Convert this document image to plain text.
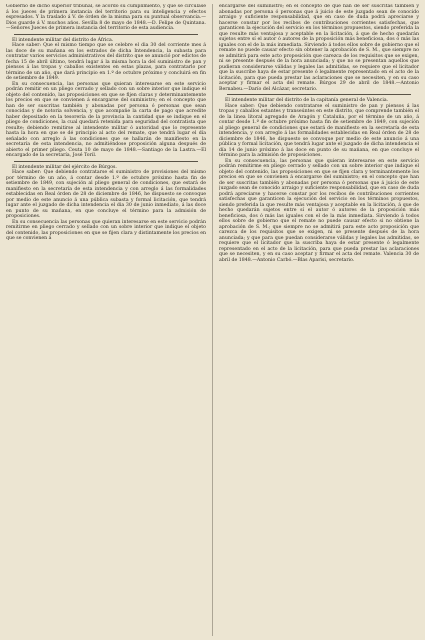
Gobierno de dicho superior tribunal, se acordó su cumplimiento, y que se circulase á los jueces de primera instancia del territorio para su inteligencia y efectos espresados. Y la traslado á V. de órden de la misma para su puntual observancia.—Dios guarde á V. muchos años. Sevilla 8 de mayo de 1848.—D. Felipe de Quintana.—Señores Jueces de primera instancia del territorio de esta audiencia.

El intendente militar del distrito de África.

Hace saber: Que el mismo tiempo que se celebre el dia 30 del corriente mes á las doce de su mañana en los estrados de dicha Intendencia, la subasta para contratar varios servicios administrativos del distrito que se anunció por edictos de fecha 15 de abril último, tendrá lugar á la misma hora la del suministro de pan y piensos á las tropas y caballos existentes en estas plazas, para contratarlo por término de un año, que dará principio en 1.º de octubre próximo y concluirá en fin de setiembre de 1849.

En su consecuencia, las personas que quieran interesarse en este servicio podrán remitir en un pliego cerrado y sellado con un sobre interior que indique el objeto del contenido, las proposiciones en que se fijen claras y determinantemente los precios en que se convienen á encargarse del suministro; en el concepto que han de ser suscritas también y abonadas por persona ó personas que sean conocidas y de notoria solvencia, y que acompañe la carta de pago que acredite haber depositado en la tesorería de la provincia la cantidad que se indique en el pliego de condiciones, la cual quedará retenida para seguridad del contratista que resulte; debiendo remitirse al intendente militar ó autoridad que lo represente hasta la hora en que se dé principio al acto del remate, que tendrá lugar el día señalado con arreglo á las condiciones que se hallarán de manifiesto en la secretaría de esta intendencia, no admitiéndose proposición alguna después de abierto el primer pliego. Ceuta 10 de mayo de 1848.—Santiago de la Lastra.—El encargado de la secretaría, José Toril.

El intendente militar del ejército de Búrgos.

Hace saber: Que debiendo contratarse el suministro de provisiones del mismo por término de un año, á contar desde 1.º de octubre próximo hasta fin de setiembre de 1849, con sujeción al pliego general de condiciones, que estará de manifiesto en la secretaría de esta intendencia y con arreglo á las formalidades establecidas en Real órden de 28 de diciembre de 1846, he dispuesto se convoque por medio de este anuncio á una pública subasta y formal licitación, que tendrá lugar ante el juzgado de dicha intendencia el dia 30 de junio inmediato, á las doce en punto de su mañana, en que concluye el término para la admisión de proposiciones.

En su consecuencia las personas que quieran interesarse en este servicio podrán remitirme en pliego cerrado y sellado con un sobre interior que indique el objeto del contenido, las proposiciones en que se fijen clara y distintamente los precios en que se convienen á

encargarse del suministro; en el concepto de que han de ser suscritas también y abonadas por persona ó personas que á juicio de este juzgado sean de conocido arraigo y suficiente responsabilidad, que en caso de duda podrá apreciarse y hacerse constar por los recibos de contribuciones corrientes satisfechas, que garanticen la ejecución del servicio en los términos propuestos, siendo preferida la que resulte más ventajosa y aceptable en la licitación, á que de hecho quedarán sujetos entre sí el autor ó autores de la proposición más beneficiosa, dos ó más las iguales con el de la más inmediata. Sirviendo á todos ellos sobre de gobierno que el remate no puede causar efecto sin obtener la aprobación de S. M., que siempre no se admitirá para este acto proposición que carezca de los requisitos que se exigen, ni se presente después de la hora anunciada; y que no se presentan aquellos que pudieran considerarse válidas y legales las admitidas, se requiere que el licitador que la suscribe haya de estar presente ó legalmente representado en el acto de la licitación, para que pueda prestar las aclaraciones que se necesiten, y en su caso aceptar y firmar el acta del remate. Búrgos 29 de abril de 1848.—Antonio Bernabeu.—Darío del Alcázar, secretario.

El intendente militar del distrito de la capitanía general de Valencia.

Hace saber: Que debiendo contratarse el suministro de pan y piensos á las tropas y caballos estantes y transeúntes en este distrito, que comprende también el de la linea litoral agregado de Aragón y Cataluña, por el término de un año, á contar desde 1.º de octubre próximo hasta fin de setiembre de 1849, con sujeción al pliego general de condiciones que estará de manifiesto en la secretaría de esta intendencia, y con arreglo á las formalidades establecidas en Real órden de 28 de diciembre de 1846, he dispuesto se convoque por medio de este anuncio á una pública y formal licitación, que tendrá lugar ante el juzgado de dicha intendencia el día 14 de junio próximo á las doce en punto de su mañana, en que concluye el término para la admisión de proposiciones.

En su consecuencia, las personas que quieran interesarse en este servicio podrán remitirme en pliego cerrado y sellado con un sobre interior que indique el objeto del contenido, las proposiciones en que se fijen clara y terminantemente los precios en que se convienen á encargarse del suministro; en el concepto que han de ser suscritas también y abonadas por persona ó personas que á juicio de este juzgado sean de conocido arraigo y suficiente responsabilidad, que en caso de duda podrá apreciarse y hacerse constar por los recibos de contribuciones corrientes satisfechas que garanticen la ejecución del servicio en los términos propuestos, siendo preferida la que resulte más ventajosa y aceptable en la licitación, á que de hecho quedarán sujetos entre sí el autor ó autores de la proposición más beneficiosa, dos ó más las iguales con el de la más inmediata. Sirviendo á todos ellos sobre de gobierno que el remate no puede causar efecto si no obtiene la aprobación de S. M.; que siempre no se admitirá para este acto proposición que carezca de los requisitos que se exigen, ni se presente después de la hora anunciada; y que para que puedan considerarse válidas y legales las admitidas, se requiere que el licitador que la suscriba haya de estar presente ó legalmente representado en el acto de la licitación, para que pueda prestar las aclaraciones que se necesiten, y en su caso aceptar y firmar el acta del remate. Valencia 30 de abril de 1848.—Antonio Carbó.—Blas Aparisi, secretario.
